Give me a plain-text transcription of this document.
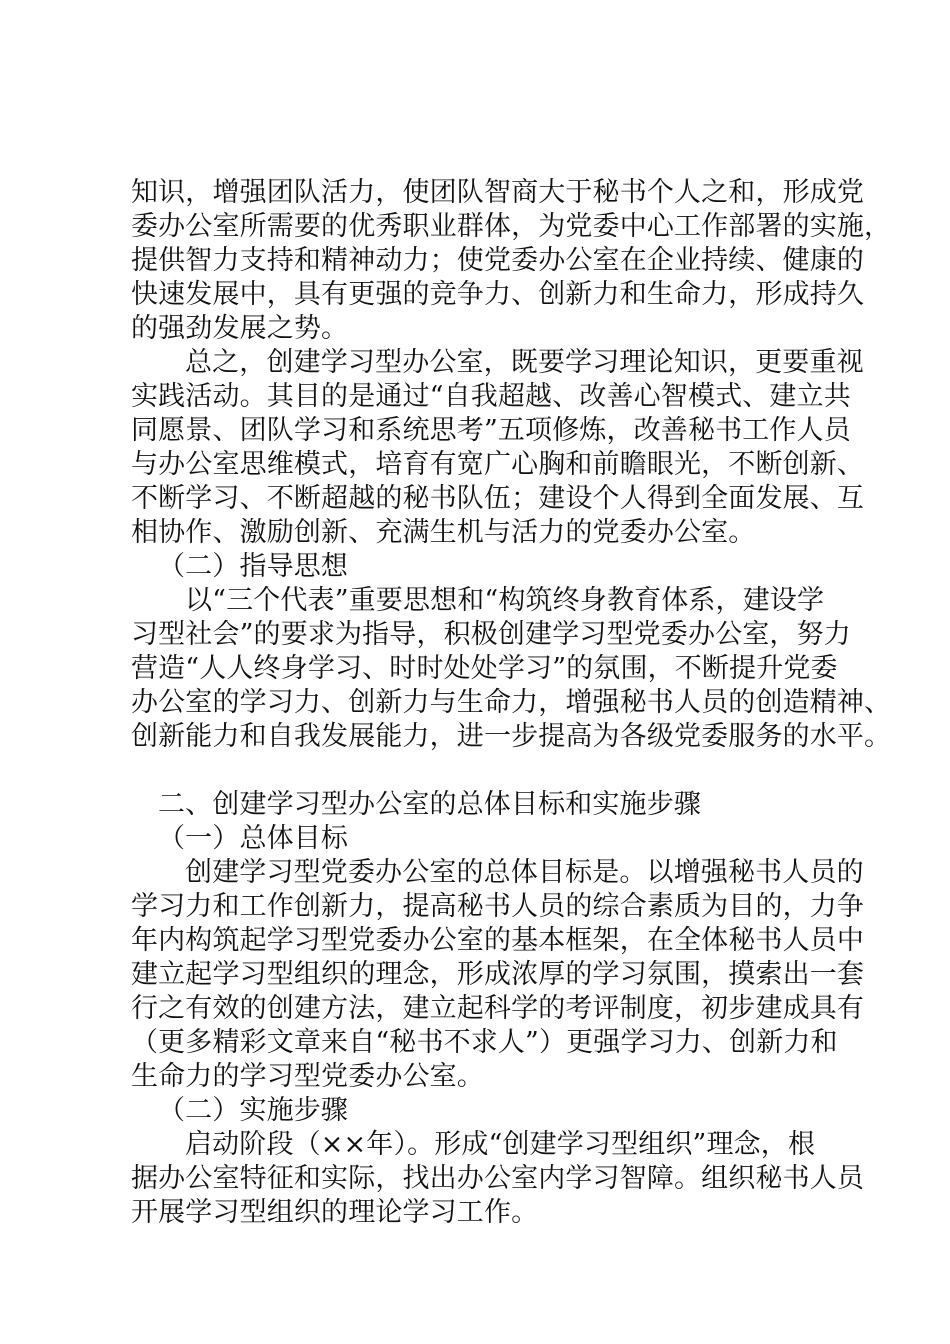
知识，增强团队活力，使团队智商大于秘书个人之和，形成党
委办公室所需要的优秀职业群体，为党委中心工作部署的实施，
提供智力支持和精神动力；使党委办公室在企业持续、健康的
快速发展中，具有更强的竞争力、创新力和生命力，形成持久
的强劲发展之势。
总之，创建学习型办公室，既要学习理论知识，更要重视
实践活动。其目的是通过“自我超越、改善心智模式、建立共
同愿景、团队学习和系统思考”五项修炼，改善秘书工作人员
与办公室思维模式，培育有宽广心胸和前瞻眼光，不断创新、
不断学习、不断超越的秘书队伍；建设个人得到全面发展、互
相协作、激励创新、充满生机与活力的党委办公室。
（二）指导思想
以“三个代表”重要思想和“构筑终身教育体系，建设学
习型社会”的要求为指导，积极创建学习型党委办公室，努力
营造“人人终身学习、时时处处学习”的氛围，不断提升党委
办公室的学习力、创新力与生命力，增强秘书人员的创造精神、
创新能力和自我发展能力，进一步提高为各级党委服务的水平。
二、创建学习型办公室的总体目标和实施步骤
（一）总体目标
创建学习型党委办公室的总体目标是。以增强秘书人员的
学习力和工作创新力，提高秘书人员的综合素质为目的，力争
年内构筑起学习型党委办公室的基本框架，在全体秘书人员中
建立起学习型组织的理念，形成浓厚的学习氛围，摸索出一套
行之有效的创建方法，建立起科学的考评制度，初步建成具有
（更多精彩文章来自“秘书不求人”）更强学习力、创新力和
生命力的学习型党委办公室。
（二）实施步骤
启动阶段（××年）。形成“创建学习型组织”理念，根
据办公室特征和实际，找出办公室内学习智障。组织秘书人员
开展学习型组织的理论学习工作。
